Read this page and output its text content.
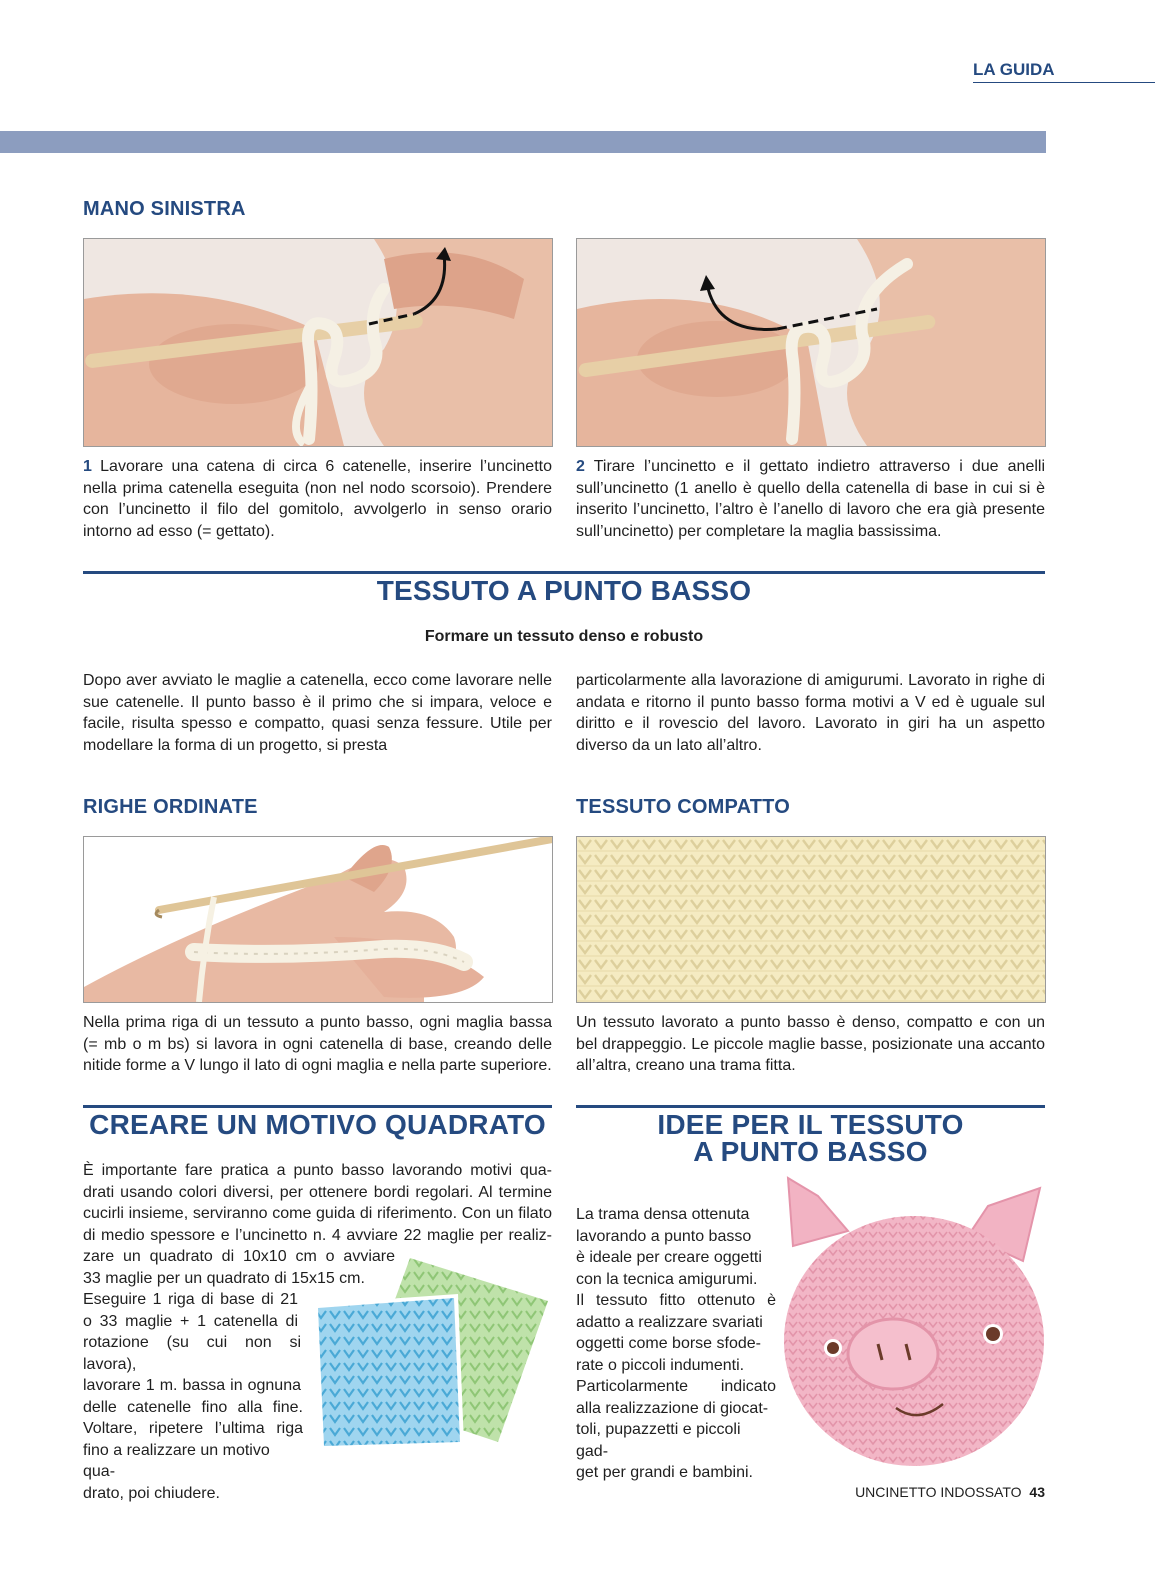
LA GUIDA
MANO SINISTRA
1 Lavorare una catena di circa 6 catenelle, inserire l’uncinetto nella prima catenella eseguita (non nel nodo scorsoio). Prendere con l’uncinetto il filo del gomitolo, avvolgerlo in senso orario intorno ad esso (= gettato).
2 Tirare l’uncinetto e il gettato indietro attraverso i due anelli sull’uncinetto (1 anello è quello della catenella di base in cui si è inserito l’uncinetto, l’altro è l’anello di lavoro che era già presente sull’uncinetto) per completare la maglia bassissima.
TESSUTO A PUNTO BASSO
Formare un tessuto denso e robusto
Dopo aver avviato le maglie a catenella, ecco come lavorare nelle sue catenelle. Il punto basso è il primo che si impara, veloce e facile, risulta spesso e compatto, quasi senza fessure. Utile per modellare la forma di un progetto, si presta
particolarmente alla lavorazione di amigurumi. Lavorato in righe di andata e ritorno il punto basso forma motivi a V ed è uguale sul diritto e il rovescio del lavoro. Lavorato in giri ha un aspetto diverso da un lato all’altro.
RIGHE ORDINATE	TESSUTO COMPATTO
Nella prima riga di un tessuto a punto basso, ogni maglia bassa (= mb o m bs) si lavora in ogni catenella di base, creando delle nitide forme a V lungo il lato di ogni maglia e nella parte superiore.
Un tessuto lavorato a punto basso è denso, compatto e con un bel drappeggio. Le piccole maglie basse, posizionate una accanto all’altra, creano una trama fitta.
CREARE UN MOTIVO QUADRATO
È importante fare pratica a punto basso lavorando motivi qua-
drati usando colori diversi, per ottenere bordi regolari. Al termine
cucirli insieme, serviranno come guida di riferimento. Con un filato
di medio spessore e l’uncinetto n. 4 avviare 22 maglie per realiz-
zare un quadrato di 10x10 cm o avviare
33 maglie per un quadrato di 15x15 cm.
Eseguire 1 riga di base di 21
o 33 maglie + 1 catenella di
rotazione (su cui non si lavora),
lavorare 1 m. bassa in ognuna
delle catenelle fino alla fine.
Voltare, ripetere l’ultima riga
fino a realizzare un motivo qua-
drato, poi chiudere.
IDEE PER IL TESSUTO
A PUNTO BASSO
La trama densa ottenuta
lavorando a punto basso
è ideale per creare oggetti
con la tecnica amigurumi.
Il tessuto fitto ottenuto è
adatto a realizzare svariati
oggetti come borse sfode-
rate o piccoli indumenti.
Particolarmente indicato
alla realizzazione di giocat-
toli, pupazzetti e piccoli gad-
get per grandi e bambini.
UNCINETTO INDOSSATO 43
